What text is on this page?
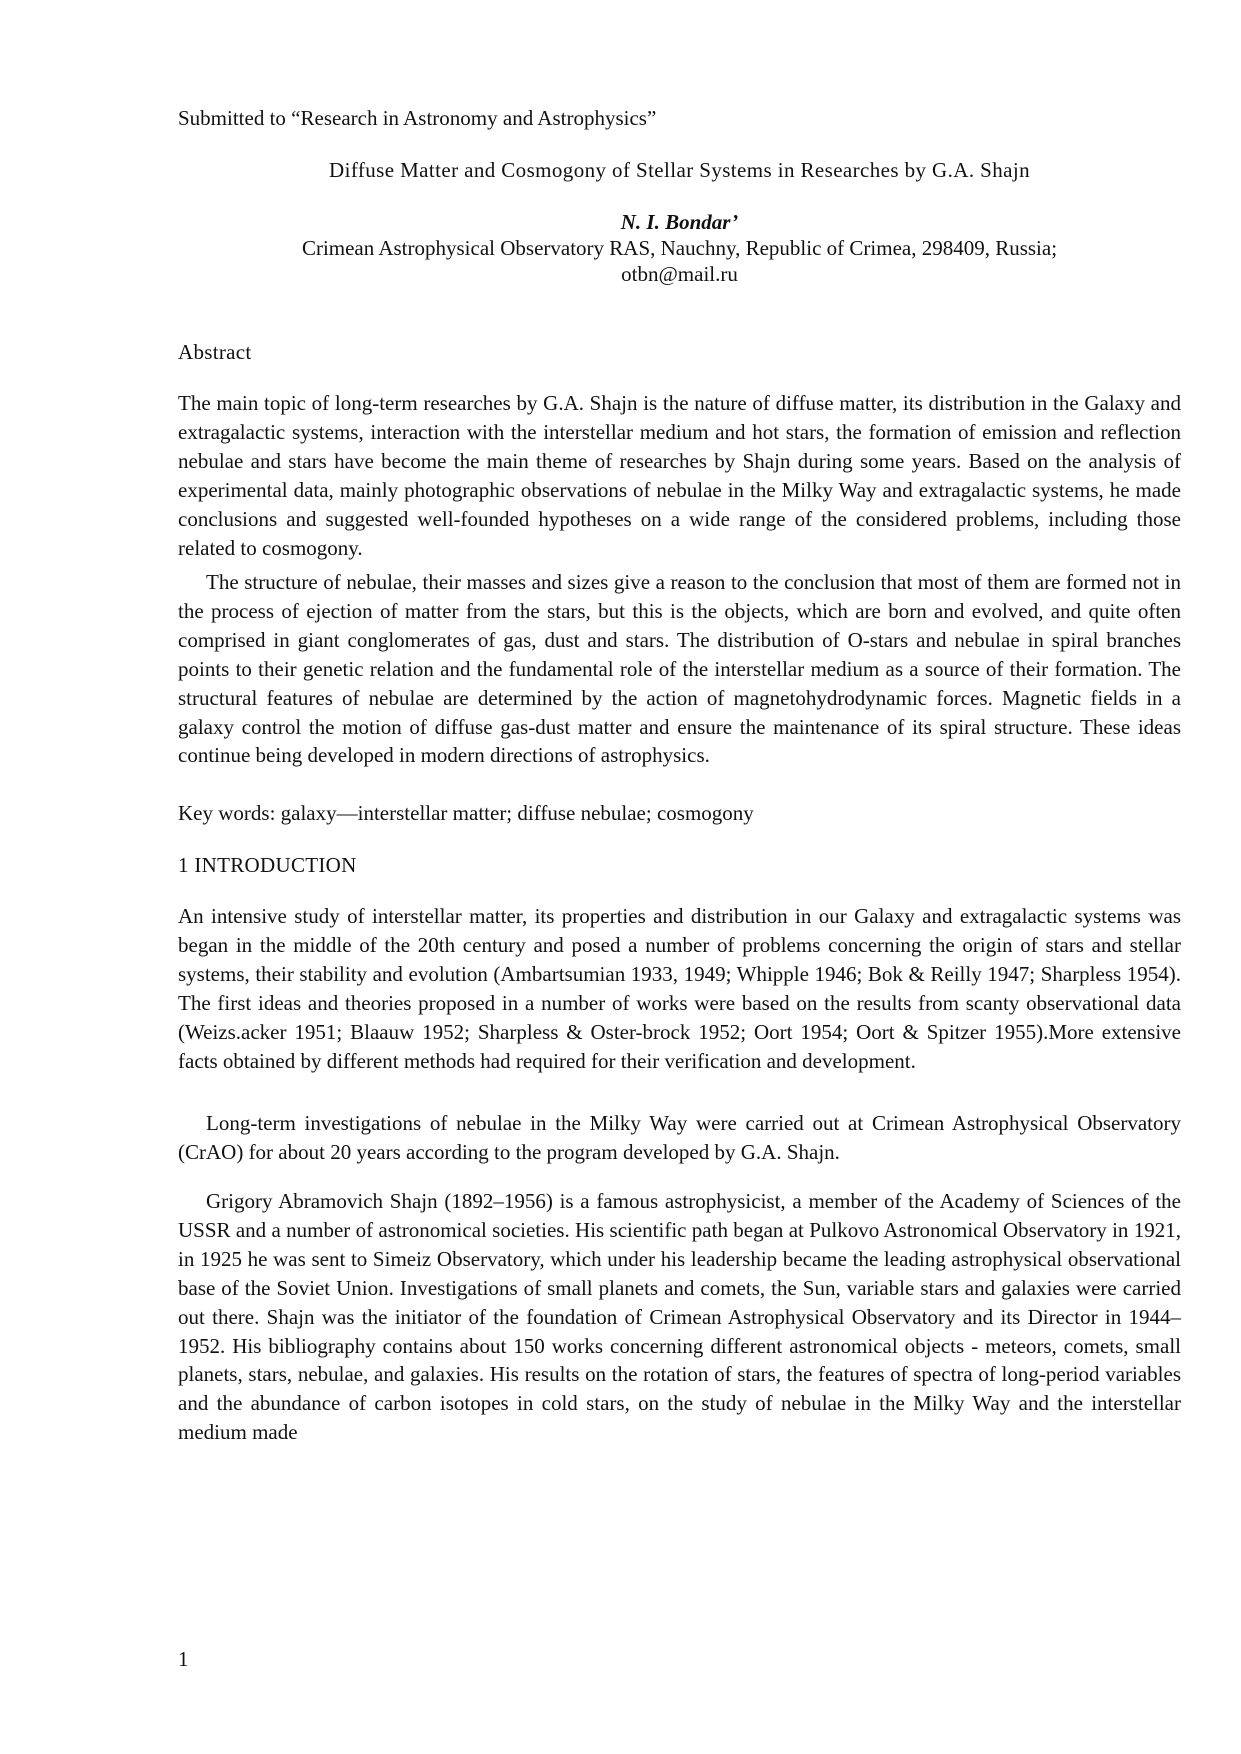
Submitted to “Research in Astronomy and Astrophysics”

Diffuse Matter and Cosmogony of Stellar Systems in Researches by G.A. Shajn

N. I. Bondar’

Crimean Astrophysical Observatory RAS, Nauchny, Republic of Crimea, 298409, Russia;

otbn@mail.ru

Abstract

The main topic of long-term researches by G.A. Shajn is the nature of diffuse matter, its distribution in the Galaxy and extragalactic systems, interaction with the interstellar medium and hot stars, the formation of emission and reflection nebulae and stars have become the main theme of researches by Shajn during some years. Based on the analysis of experimental data, mainly photographic observations of nebulae in the Milky Way and extragalactic systems, he made conclusions and suggested well-founded hypotheses on a wide range of the considered problems, including those related to cosmogony.

The structure of nebulae, their masses and sizes give a reason to the conclusion that most of them are formed not in the process of ejection of matter from the stars, but this is the objects, which are born and evolved, and quite often comprised in giant conglomerates of gas, dust and stars. The distribution of O-stars and nebulae in spiral branches points to their genetic relation and the fundamental role of the interstellar medium as a source of their formation. The structural features of nebulae are determined by the action of magnetohydrodynamic forces. Magnetic fields in a galaxy control the motion of diffuse gas-dust matter and ensure the maintenance of its spiral structure. These ideas continue being developed in modern directions of astrophysics.

Key words: galaxy—interstellar matter; diffuse nebulae; cosmogony

1 INTRODUCTION

An intensive study of interstellar matter, its properties and distribution in our Galaxy and extragalactic systems was began in the middle of the 20th century and posed a number of problems concerning the origin of stars and stellar systems, their stability and evolution (Ambartsumian 1933, 1949; Whipple 1946; Bok & Reilly 1947; Sharpless 1954). The first ideas and theories proposed in a number of works were based on the results from scanty observational data (Weizs.acker 1951; Blaauw 1952; Sharpless & Oster-brock 1952; Oort 1954; Oort & Spitzer 1955).More extensive facts obtained by different methods had required for their verification and development.

Long-term investigations of nebulae in the Milky Way were carried out at Crimean Astrophysical Observatory (CrAO) for about 20 years according to the program developed by G.A. Shajn.

Grigory Abramovich Shajn (1892–1956) is a famous astrophysicist, a member of the Academy of Sciences of the USSR and a number of astronomical societies. His scientific path began at Pulkovo Astronomical Observatory in 1921, in 1925 he was sent to Simeiz Observatory, which under his leadership became the leading astrophysical observational base of the Soviet Union. Investigations of small planets and comets, the Sun, variable stars and galaxies were carried out there. Shajn was the initiator of the foundation of Crimean Astrophysical Observatory and its Director in 1944–1952. His bibliography contains about 150 works concerning different astronomical objects - meteors, comets, small planets, stars, nebulae, and galaxies. His results on the rotation of stars, the features of spectra of long-period variables and the abundance of carbon isotopes in cold stars, on the study of nebulae in the Milky Way and the interstellar medium made

1
